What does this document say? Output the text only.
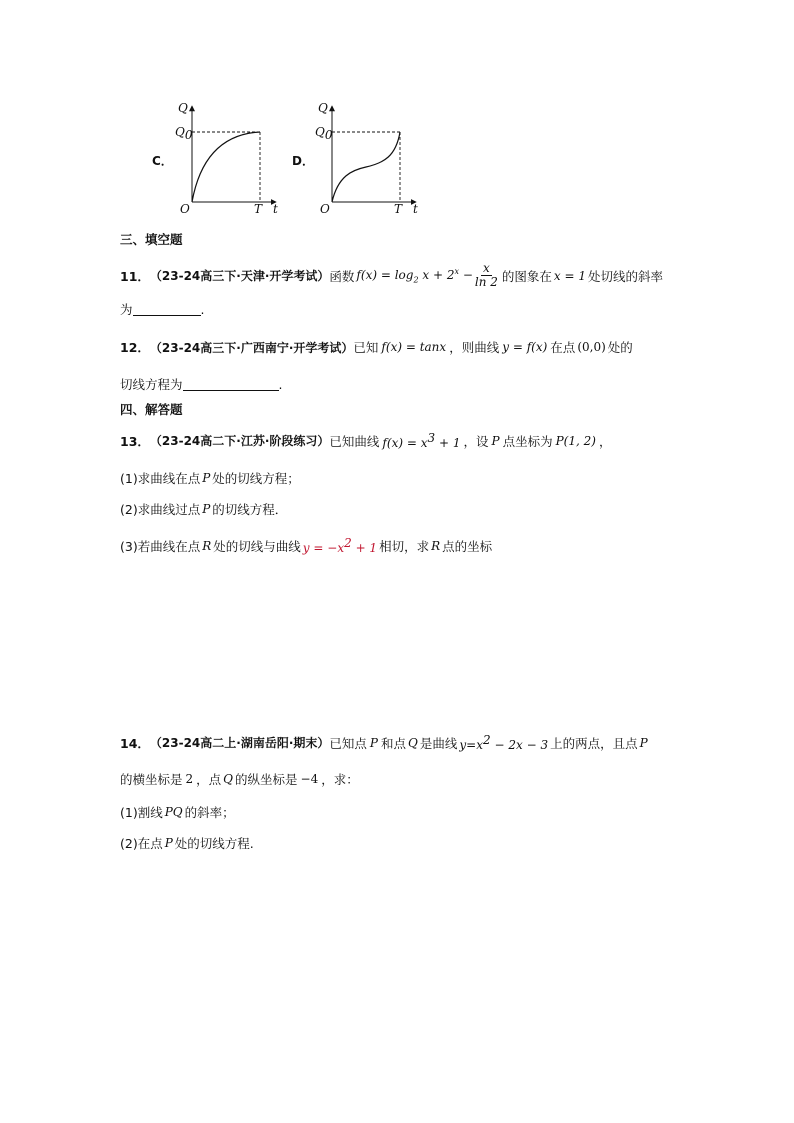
C．
Q
Q0
O	T t
D．
Q
Q0
O	T t
三、填空题
11． （23-24高三下·天津·开学考试） 函数 $f(x) = \log_2 x + 2^x - \frac{x}{\ln 2}$ 的图象在 x = 1 处切线的斜率
为	.
12． （23-24高三下·广西南宁·开学考试） 已知 f(x) = tanx ，则曲线 y = f(x) 在点 (0,0) 处的
切线方程为	.
四、解答题
13． （23-24高二下·江苏·阶段练习） 已知曲线 $f(x) = x^3 + 1$ ，设 P 点坐标为 P(1, 2) ，
(1)求曲线在点 P 处的切线方程；
(2)求曲线过点 P 的切线方程．
(3)若曲线在点 R 处的切线与曲线 $y = -x^2 + 1$ 相切，求 R 点的坐标
14． （23-24高二上·湖南岳阳·期末） 已知点 P 和点 Q 是曲线 $y=x^2 - 2x - 3$ 上的两点，且点 P
的横坐标是 2 ，点 Q 的纵坐标是 −4 ，求：
(1)割线 PQ 的斜率；
(2)在点 P 处的切线方程.
